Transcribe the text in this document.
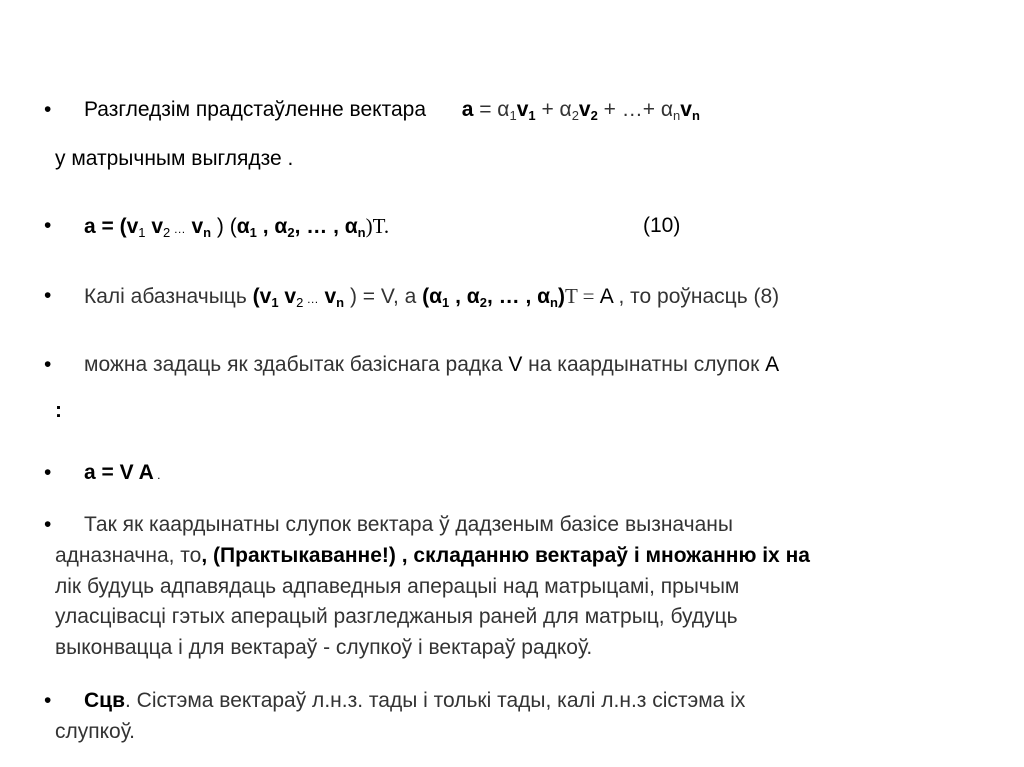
• Разгледзім прадстаўленне вектара $a = \alpha_1v_1 + \alpha_2v_2$ + …+ $\alpha_nv_n$
у матрычным выглядзе .
• $a = (v_1$ $v_2$ … $v_n$ ) ($\alpha_1$ , $\alpha_2$, … , $\alpha_n)T$.	(10)
• Калі абазначыць ($v_1$ $v_2$ … $v_n$ ) = V, а ($\alpha_1$ , $\alpha_2$, … , $\alpha_n)T = A$ , то роўнасць (8)
• можна задаць як здабытак базіснага радка V на каардынатны слупок A
:
• a = V A .
• Так як каардынатны слупок вектара ў дадзеным базісе вызначаны
адназначна, то, (Практыкаванне!) , складанню вектараў і множанню іх на
лік будуць адпавядаць адпаведныя аперацыі над матрыцамі, прычым
уласцівасці гэтых аперацый разгледжаныя раней для матрыц, будуць
выконвацца і для вектараў - слупкоў і вектараў радкоў.
• Сцв. Сістэма вектараў л.н.з. тады і толькі тады, калі л.н.з сістэма іх
слупкоў.
